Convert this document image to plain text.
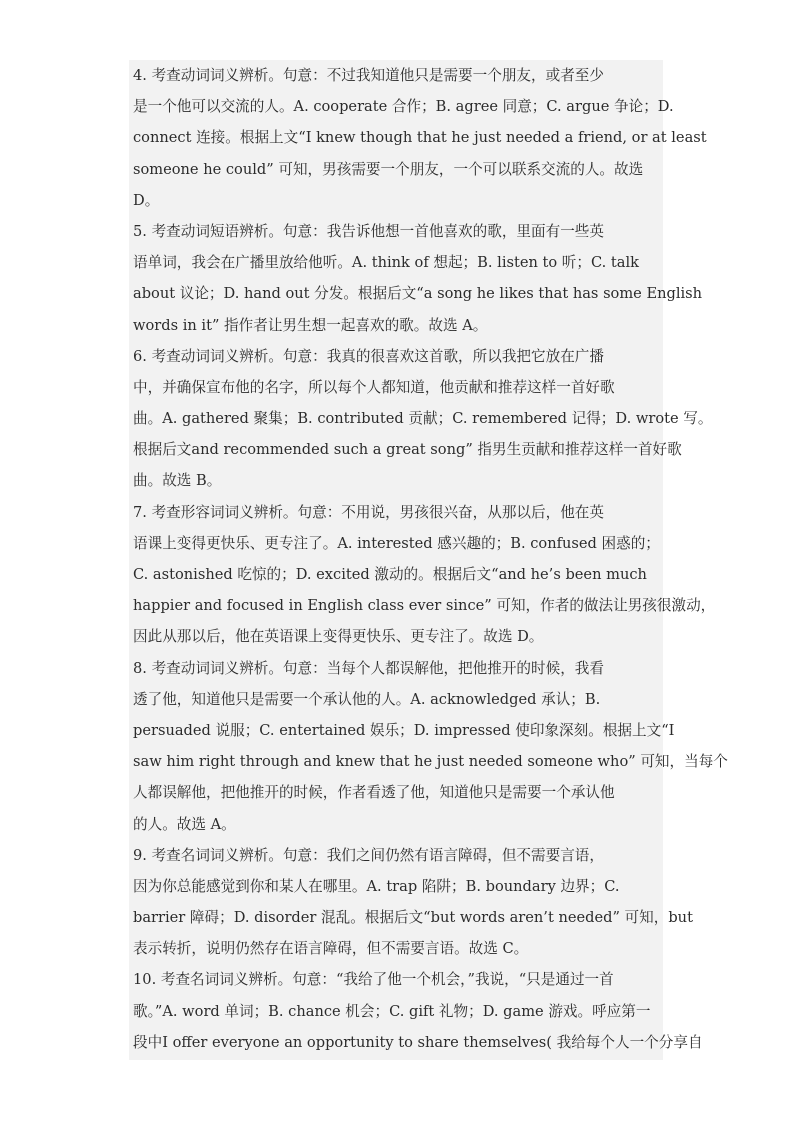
4. 考查动词词义辨析。句意：不过我知道他只是需要一个朋友，或者至少
是一个他可以交流的人。A. cooperate 合作；B. agree 同意；C. argue 争论；D.
connect 连接。根据上文“I knew though that he just needed a friend, or at least
someone he could” 可知，男孩需要一个朋友，一个可以联系交流的人。故选
D。
5. 考查动词短语辨析。句意：我告诉他想一首他喜欢的歌，里面有一些英
语单词，我会在广播里放给他听。A. think of 想起；B. listen to 听；C. talk
about 议论；D. hand out 分发。根据后文“a song he likes that has some English
words in it” 指作者让男生想一起喜欢的歌。故选 A。
6. 考查动词词义辨析。句意：我真的很喜欢这首歌，所以我把它放在广播
中，并确保宣布他的名字，所以每个人都知道，他贡献和推荐这样一首好歌
曲。A. gathered 聚集；B. contributed 贡献；C. remembered 记得；D. wrote 写。
根据后文and recommended such a great song” 指男生贡献和推荐这样一首好歌
曲。故选 B。
7. 考查形容词词义辨析。句意：不用说，男孩很兴奋，从那以后，他在英
语课上变得更快乐、更专注了。A. interested 感兴趣的；B. confused 困惑的；
C. astonished 吃惊的；D. excited 激动的。根据后文“and he’s been much
happier and focused in English class ever since” 可知，作者的做法让男孩很激动，
因此从那以后，他在英语课上变得更快乐、更专注了。故选 D。
8. 考查动词词义辨析。句意：当每个人都误解他，把他推开的时候，我看
透了他，知道他只是需要一个承认他的人。A. acknowledged 承认；B.
persuaded 说服；C. entertained 娱乐；D. impressed 使印象深刻。根据上文“I
saw him right through and knew that he just needed someone who” 可知，当每个
人都误解他，把他推开的时候，作者看透了他，知道他只是需要一个承认他
的人。故选 A。
9. 考查名词词义辨析。句意：我们之间仍然有语言障碍，但不需要言语，
因为你总能感觉到你和某人在哪里。A. trap 陷阱；B. boundary 边界；C.
barrier 障碍；D. disorder 混乱。根据后文“but words aren’t needed” 可知，but
表示转折，说明仍然存在语言障碍，但不需要言语。故选 C。
10. 考查名词词义辨析。句意：“我给了他一个机会，”我说，“只是通过一首
歌。”A. word 单词；B. chance 机会；C. gift 礼物；D. game 游戏。呼应第一
段中I offer everyone an opportunity to share themselves( 我给每个人一个分享自
